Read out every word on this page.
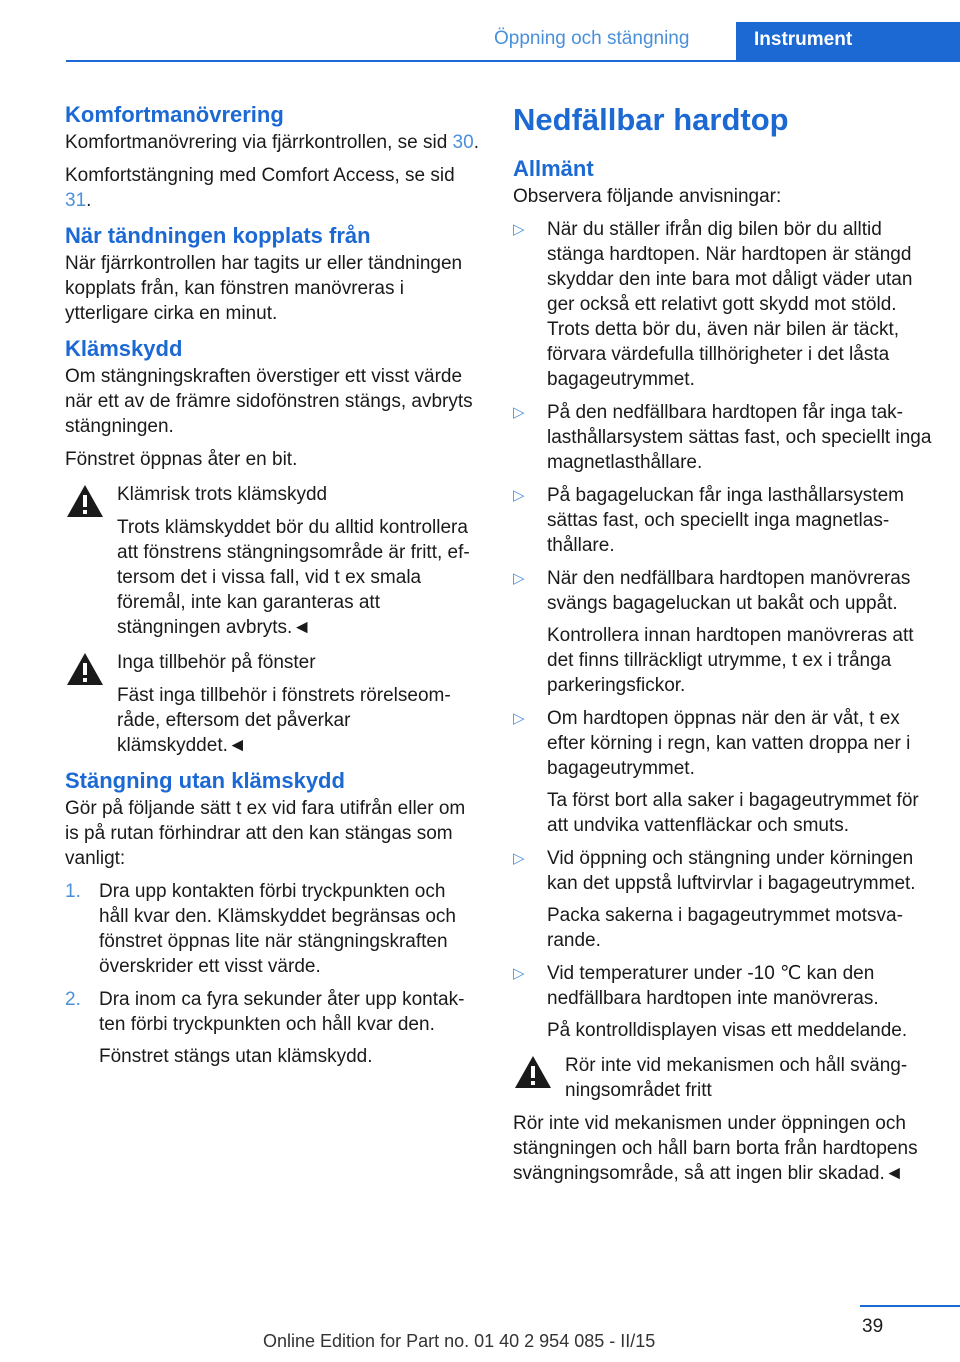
Öppning och stängning	Instrument
Komfortmanövrering

Komfortmanövrering via fjärrkontrollen, se sid 30.

Komfortstängning med Comfort Access, se sid 31.

När tändningen kopplats från

När fjärrkontrollen har tagits ur eller tändningen kopplats från, kan fönstren manövreras i ytterligare cirka en minut.

Klämskydd

Om stängningskraften överstiger ett visst värde när ett av de främre sidofönstren stängs, avbryts stängningen.

Fönstret öppnas åter en bit.

Klämrisk trots klämskydd

Trots klämskyddet bör du alltid kontrollera att fönstrens stängningsområde är fritt, eftersom det i vissa fall, vid t ex smala föremål, inte kan garanteras att stängningen avbryts.◄

Inga tillbehör på fönster

Fäst inga tillbehör i fönstrets rörelseområde, eftersom det påverkar klämskyddet.◄

Stängning utan klämskydd

Gör på följande sätt t ex vid fara utifrån eller om is på rutan förhindrar att den kan stängas som vanligt:

1. Dra upp kontakten förbi tryckpunkten och håll kvar den. Klämskyddet begränsas och fönstret öppnas lite när stängningskraften överskrider ett visst värde.

2. Dra inom ca fyra sekunder åter upp kontakten förbi tryckpunkten och håll kvar den.

Fönstret stängs utan klämskydd.

Nedfällbar hardtop
Allmänt

Observera följande anvisningar:

▷ När du ställer ifrån dig bilen bör du alltid stänga hardtopen. När hardtopen är stängd skyddar den inte bara mot dåligt väder utan ger också ett relativt gott skydd mot stöld. Trots detta bör du, även när bilen är täckt, förvara värdefulla tillhörigheter i det låsta bagageutrymmet.

▷ På den nedfällbara hardtopen får inga taklasthållarsystem sättas fast, och speciellt inga magnetlasthållare.

▷ På bagageluckan får inga lasthållarsystem sättas fast, och speciellt inga magnetlasthållare.

▷ När den nedfällbara hardtopen manövreras svängs bagageluckan ut bakåt och uppåt.

Kontrollera innan hardtopen manövreras att det finns tillräckligt utrymme, t ex i trånga parkeringsfickor.

▷ Om hardtopen öppnas när den är våt, t ex efter körning i regn, kan vatten droppa ner i bagageutrymmet.

Ta först bort alla saker i bagageutrymmet för att undvika vattenfläckar och smuts.

▷ Vid öppning och stängning under körningen kan det uppstå luftvirvlar i bagageutrymmet.

Packa sakerna i bagageutrymmet motsvarande.

▷ Vid temperaturer under -10 ℃ kan den nedfällbara hardtopen inte manövreras.

På kontrolldisplayen visas ett meddelande.

Rör inte vid mekanismen och håll svängningsområdet fritt

Rör inte vid mekanismen under öppningen och stängningen och håll barn borta från hardtopens svängningsområde, så att ingen blir skadad.◄

39
Online Edition for Part no. 01 40 2 954 085 - II/15
